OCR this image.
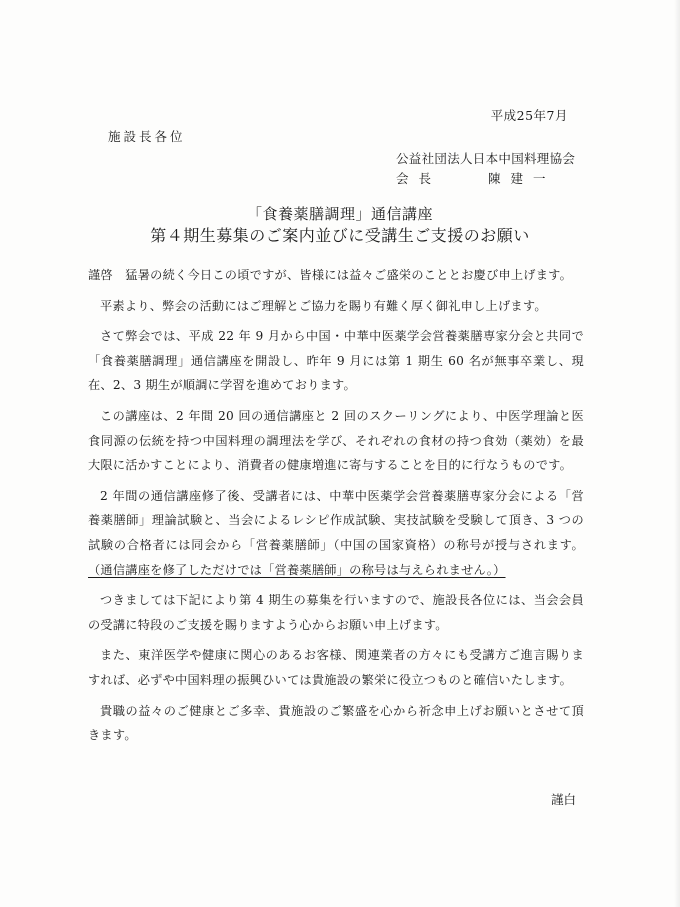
平成25年7月
施設長各位
公益社団法人日本中国料理協会
会長	陳建一
「食養薬膳調理」通信講座
第４期生募集のご案内並びに受講生ご支援のお願い

謹啓　猛暑の続く今日この頃ですが、皆様には益々ご盛栄のこととお慶び申上げます。

平素より、弊会の活動にはご理解とご協力を賜り有難く厚く御礼申し上げます。

さて弊会では、平成 22 年 9 月から中国・中華中医薬学会営養薬膳専家分会と共同で「食養薬膳調理」通信講座を開設し、昨年 9 月には第 1 期生 60 名が無事卒業し、現在、2、3 期生が順調に学習を進めております。

この講座は、2 年間 20 回の通信講座と 2 回のスクーリングにより、中医学理論と医食同源の伝統を持つ中国料理の調理法を学び、それぞれの食材の持つ食効（薬効）を最大限に活かすことにより、消費者の健康増進に寄与することを目的に行なうものです。

2 年間の通信講座修了後、受講者には、中華中医薬学会営養薬膳専家分会による「営養薬膳師」理論試験と、当会によるレシピ作成試験、実技試験を受験して頂き、3 つの試験の合格者には同会から「営養薬膳師」（中国の国家資格）の称号が授与されます。（通信講座を修了しただけでは「営養薬膳師」の称号は与えられません。）

つきましては下記により第 4 期生の募集を行いますので、施設長各位には、当会会員の受講に特段のご支援を賜りますよう心からお願い申上げます。

また、東洋医学や健康に関心のあるお客様、関連業者の方々にも受講方ご進言賜りますれば、必ずや中国料理の振興ひいては貴施設の繁栄に役立つものと確信いたします。

貴職の益々のご健康とご多幸、貴施設のご繁盛を心から祈念申上げお願いとさせて頂きます。

謹白
